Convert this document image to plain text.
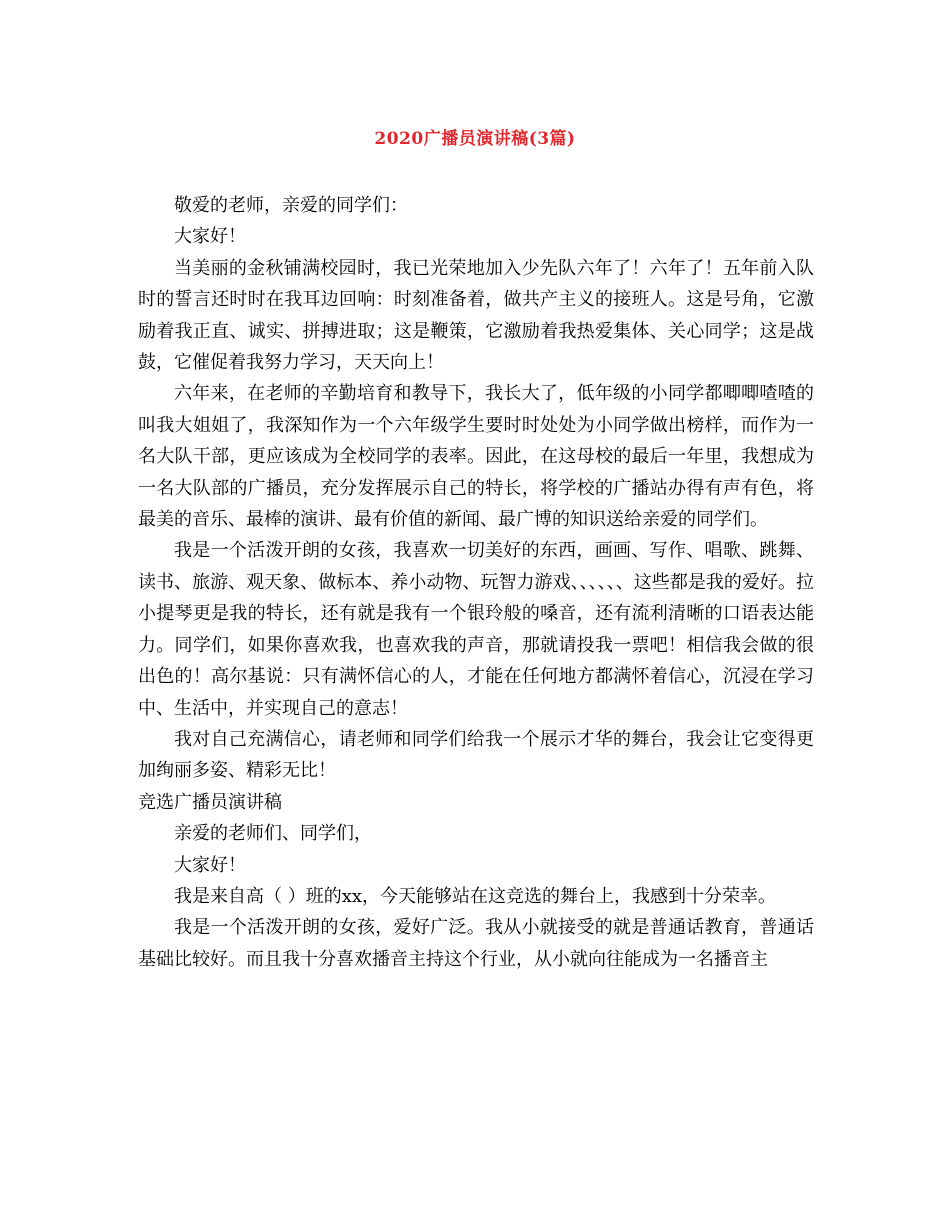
2020广播员演讲稿(3篇)

敬爱的老师，亲爱的同学们：

大家好！

当美丽的金秋铺满校园时，我已光荣地加入少先队六年了！六年了！五年前入队时的誓言还时时在我耳边回响：时刻准备着，做共产主义的接班人。这是号角，它激励着我正直、诚实、拼搏进取；这是鞭策，它激励着我热爱集体、关心同学；这是战鼓，它催促着我努力学习，天天向上！

六年来，在老师的辛勤培育和教导下，我长大了，低年级的小同学都唧唧喳喳的叫我大姐姐了，我深知作为一个六年级学生要时时处处为小同学做出榜样，而作为一名大队干部，更应该成为全校同学的表率。因此，在这母校的最后一年里，我想成为一名大队部的广播员，充分发挥展示自己的特长，将学校的广播站办得有声有色，将最美的音乐、最棒的演讲、最有价值的新闻、最广博的知识送给亲爱的同学们。

我是一个活泼开朗的女孩，我喜欢一切美好的东西，画画、写作、唱歌、跳舞、读书、旅游、观天象、做标本、养小动物、玩智力游戏、、、、、、这些都是我的爱好。拉小提琴更是我的特长，还有就是我有一个银玲般的嗓音，还有流利清晰的口语表达能力。同学们，如果你喜欢我，也喜欢我的声音，那就请投我一票吧！相信我会做的很出色的！高尔基说：只有满怀信心的人，才能在任何地方都满怀着信心，沉浸在学习中、生活中，并实现自己的意志！

我对自己充满信心，请老师和同学们给我一个展示才华的舞台，我会让它变得更加绚丽多姿、精彩无比！

竞选广播员演讲稿

亲爱的老师们、同学们，

大家好！

我是来自高（ ）班的xx，今天能够站在这竞选的舞台上，我感到十分荣幸。

我是一个活泼开朗的女孩，爱好广泛。我从小就接受的就是普通话教育，普通话基础比较好。而且我十分喜欢播音主持这个行业，从小就向往能成为一名播音主
